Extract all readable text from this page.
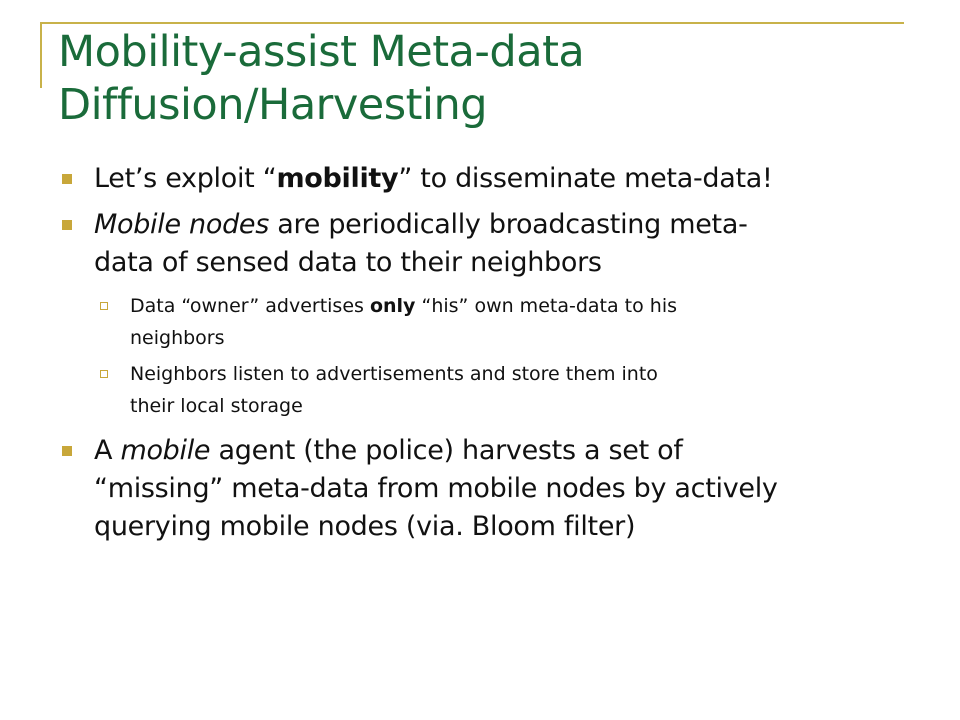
Mobility-assist Meta-data
Diffusion/Harvesting
Let’s exploit “mobility” to disseminate meta-data!
Mobile nodes are periodically broadcasting meta-
data of sensed data to their neighbors
Data “owner” advertises only “his” own meta-data to his
neighbors
Neighbors listen to advertisements and store them into
their local storage
A mobile agent (the police) harvests a set of
“missing” meta-data from mobile nodes by actively
querying mobile nodes (via. Bloom filter)
